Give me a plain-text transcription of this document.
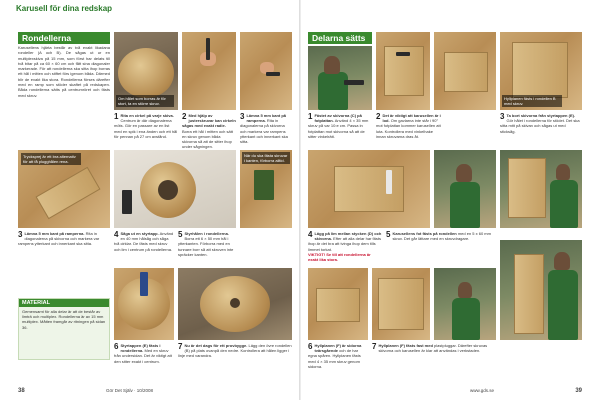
Karusell för dina redskap
Rondellerna
Karusellens hjärta består av två exakt likadana rondeller (A och B). De sågas ut ur en multiplexskiva på 15 mm, som först har delats till två bitar på ca 60 × 60 cm och fått sina diagonaler markerade. För att rondellerna ska sitta ihop borras ett hål i mitten och stiftet förs igenom båda. Därmed blir de exakt lika stora. Rondellerna förses därefter med en ramp som stöder skaftet på redskapen. Båda rondellerna sätts på centrumröret och fästs med skruv.
Om hålet som borras är för stort, ta en större skruv.
1 Rita en cirkel på varje skiva. Centrum är där diagonalerna möts. Gör en passare av en list med en spik i ena änden och ett hål för pennan på 27 cm avstånd.
2 Med hjälp av justerskruvar kan cirkeln sågas med exakt radie. Borra ett hål i mitten och sätt en skruv genom båda skivorna så att de sitter ihop under sågningen.
3 Lämna 5 mm kant på ramperna. Rita in diagonalerna på skivorna och markera var rampens ytterkant och innerkant ska sitta.
Trycksprej är ett bra alternativ för att få plugghålen rena.
När du ska fästa skruvar i kanten, förborra alltid.
3 Lämna 5 mm kant på ramperna. Rita in diagonalerna på skivorna och markera var rampens ytterkant och innerkant ska sitta.
4 Såga ut en styrtapp. Använd en 40 mm hålsåg och såga två cirklar. De fästs med skruv och lim i centrum på rondellerna.
5 Styrhålen i rondellerna. Borra ett 6 × 50 mm hål i ytterkanten. Förborra med en tunnare borr så att skruven inte spräcker kanten.
MATERIAL
Gemensamt för alla delar är att de består av limträ och multiplex. Rondellerna är av 15 mm multiplex. Måtten framgår av ritningen på sidan 36.
6 Styrtappen (E) fästs i rondellerna. Med en skruv från undersidan. Det är viktigt att den sitter exakt i centrum.
7 Nu är det dags för ett provbygge. Lägg den övre rondellen (B) på plats ovanpå den nedre. Kontrollera att hålen ligger i linje med varandra.
38	Gör Det Själv · 10/2008
Delarna sätts
Hyllplanen fästs i rondellen B med skruv.
1 Fästet av skivorna (C) på fotplattan. Använd 4 × 35 mm skruv på var 10:e cm. Passa in fotplattan mot skivorna så att de sitter vinkelrätt.
2 Det är viktigt att karusellen är i lod. Om gavlarna inte står i 90° mot fotplattan kommer karusellen att luta. Kontrollera med vinkelhake innan skruvarna dras åt.
3 Ta bort skivorna från styrtappen (E). Gör hålet i rondellerna för stödet. Det ska sitta mitt på skivan och sågas ut med sticksåg.
4 Lägg på lim mellan stycken (D) och skivorna. Efter att alla delar har fästs ihop är det bra att tvinga ihop dem tills limmet torkat.
VIKTIGT! Se till att rondellerna är exakt lika stora.
5 Karusellens fot fästs på rondellen med en 5 x 60 mm skruv. Det går lättare med en skruvdragare.
6 Hyllplanen (F) är sidorna tvärsgående och de har egna spåren. Hyllplanen fästs med 4 × 35 mm skruv genom sidorna.
7 Hyllplanen (F) fästs fast med plastpluggar. Därefter skruvas skivorna och karusellen är klar att användas i verkstaden.
www.gds.se	39
